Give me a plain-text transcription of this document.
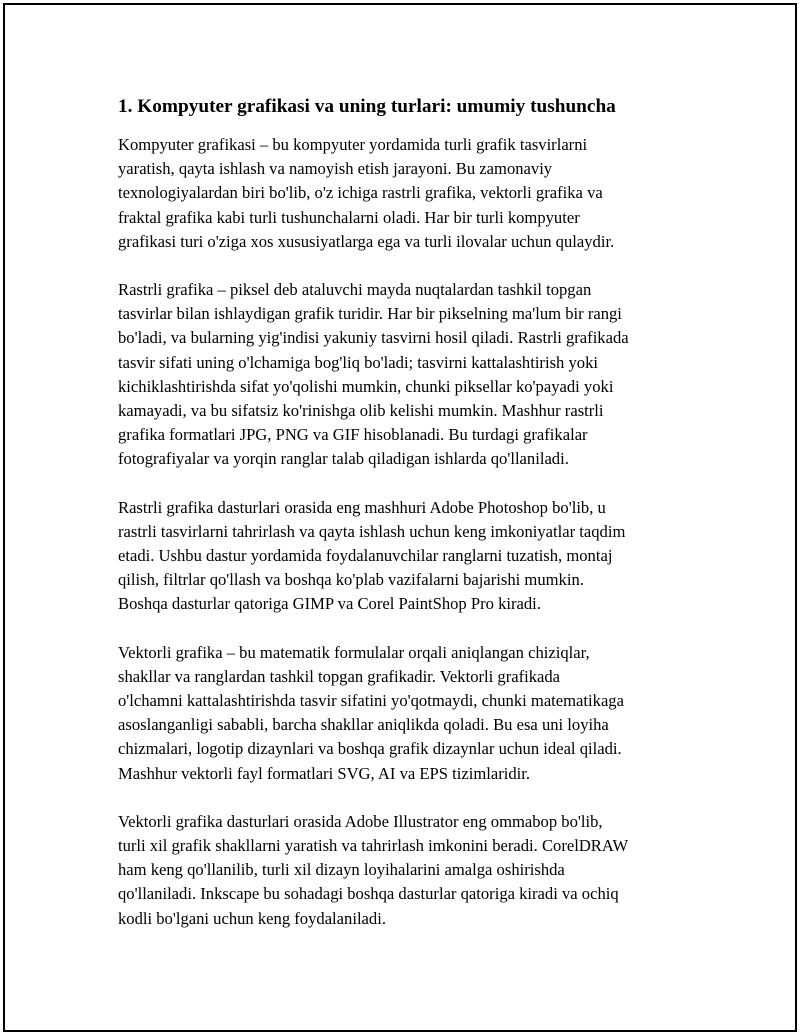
1. Kompyuter grafikasi va uning turlari: umumiy tushuncha

Kompyuter grafikasi – bu kompyuter yordamida turli grafik tasvirlarni
yaratish, qayta ishlash va namoyish etish jarayoni. Bu zamonaviy
texnologiyalardan biri bo'lib, o'z ichiga rastrli grafika, vektorli grafika va
fraktal grafika kabi turli tushunchalarni oladi. Har bir turli kompyuter
grafikasi turi o'ziga xos xususiyatlarga ega va turli ilovalar uchun qulaydir.

Rastrli grafika – piksel deb ataluvchi mayda nuqtalardan tashkil topgan
tasvirlar bilan ishlaydigan grafik turidir. Har bir pikselning ma'lum bir rangi
bo'ladi, va bularning yig'indisi yakuniy tasvirni hosil qiladi. Rastrli grafikada
tasvir sifati uning o'lchamiga bog'liq bo'ladi; tasvirni kattalashtirish yoki
kichiklashtirishda sifat yo'qolishi mumkin, chunki piksellar ko'payadi yoki
kamayadi, va bu sifatsiz ko'rinishga olib kelishi mumkin. Mashhur rastrli
grafika formatlari JPG, PNG va GIF hisoblanadi. Bu turdagi grafikalar
fotografiyalar va yorqin ranglar talab qiladigan ishlarda qo'llaniladi.

Rastrli grafika dasturlari orasida eng mashhuri Adobe Photoshop bo'lib, u
rastrli tasvirlarni tahrirlash va qayta ishlash uchun keng imkoniyatlar taqdim
etadi. Ushbu dastur yordamida foydalanuvchilar ranglarni tuzatish, montaj
qilish, filtrlar qo'llash va boshqa ko'plab vazifalarni bajarishi mumkin.
Boshqa dasturlar qatoriga GIMP va Corel PaintShop Pro kiradi.

Vektorli grafika – bu matematik formulalar orqali aniqlangan chiziqlar,
shakllar va ranglardan tashkil topgan grafikadir. Vektorli grafikada
o'lchamni kattalashtirishda tasvir sifatini yo'qotmaydi, chunki matematikaga
asoslanganligi sababli, barcha shakllar aniqlikda qoladi. Bu esa uni loyiha
chizmalari, logotip dizaynlari va boshqa grafik dizaynlar uchun ideal qiladi.
Mashhur vektorli fayl formatlari SVG, AI va EPS tizimlaridir.

Vektorli grafika dasturlari orasida Adobe Illustrator eng ommabop bo'lib,
turli xil grafik shakllarni yaratish va tahrirlash imkonini beradi. CorelDRAW
ham keng qo'llanilib, turli xil dizayn loyihalarini amalga oshirishda
qo'llaniladi. Inkscape bu sohadagi boshqa dasturlar qatoriga kiradi va ochiq
kodli bo'lgani uchun keng foydalaniladi.
